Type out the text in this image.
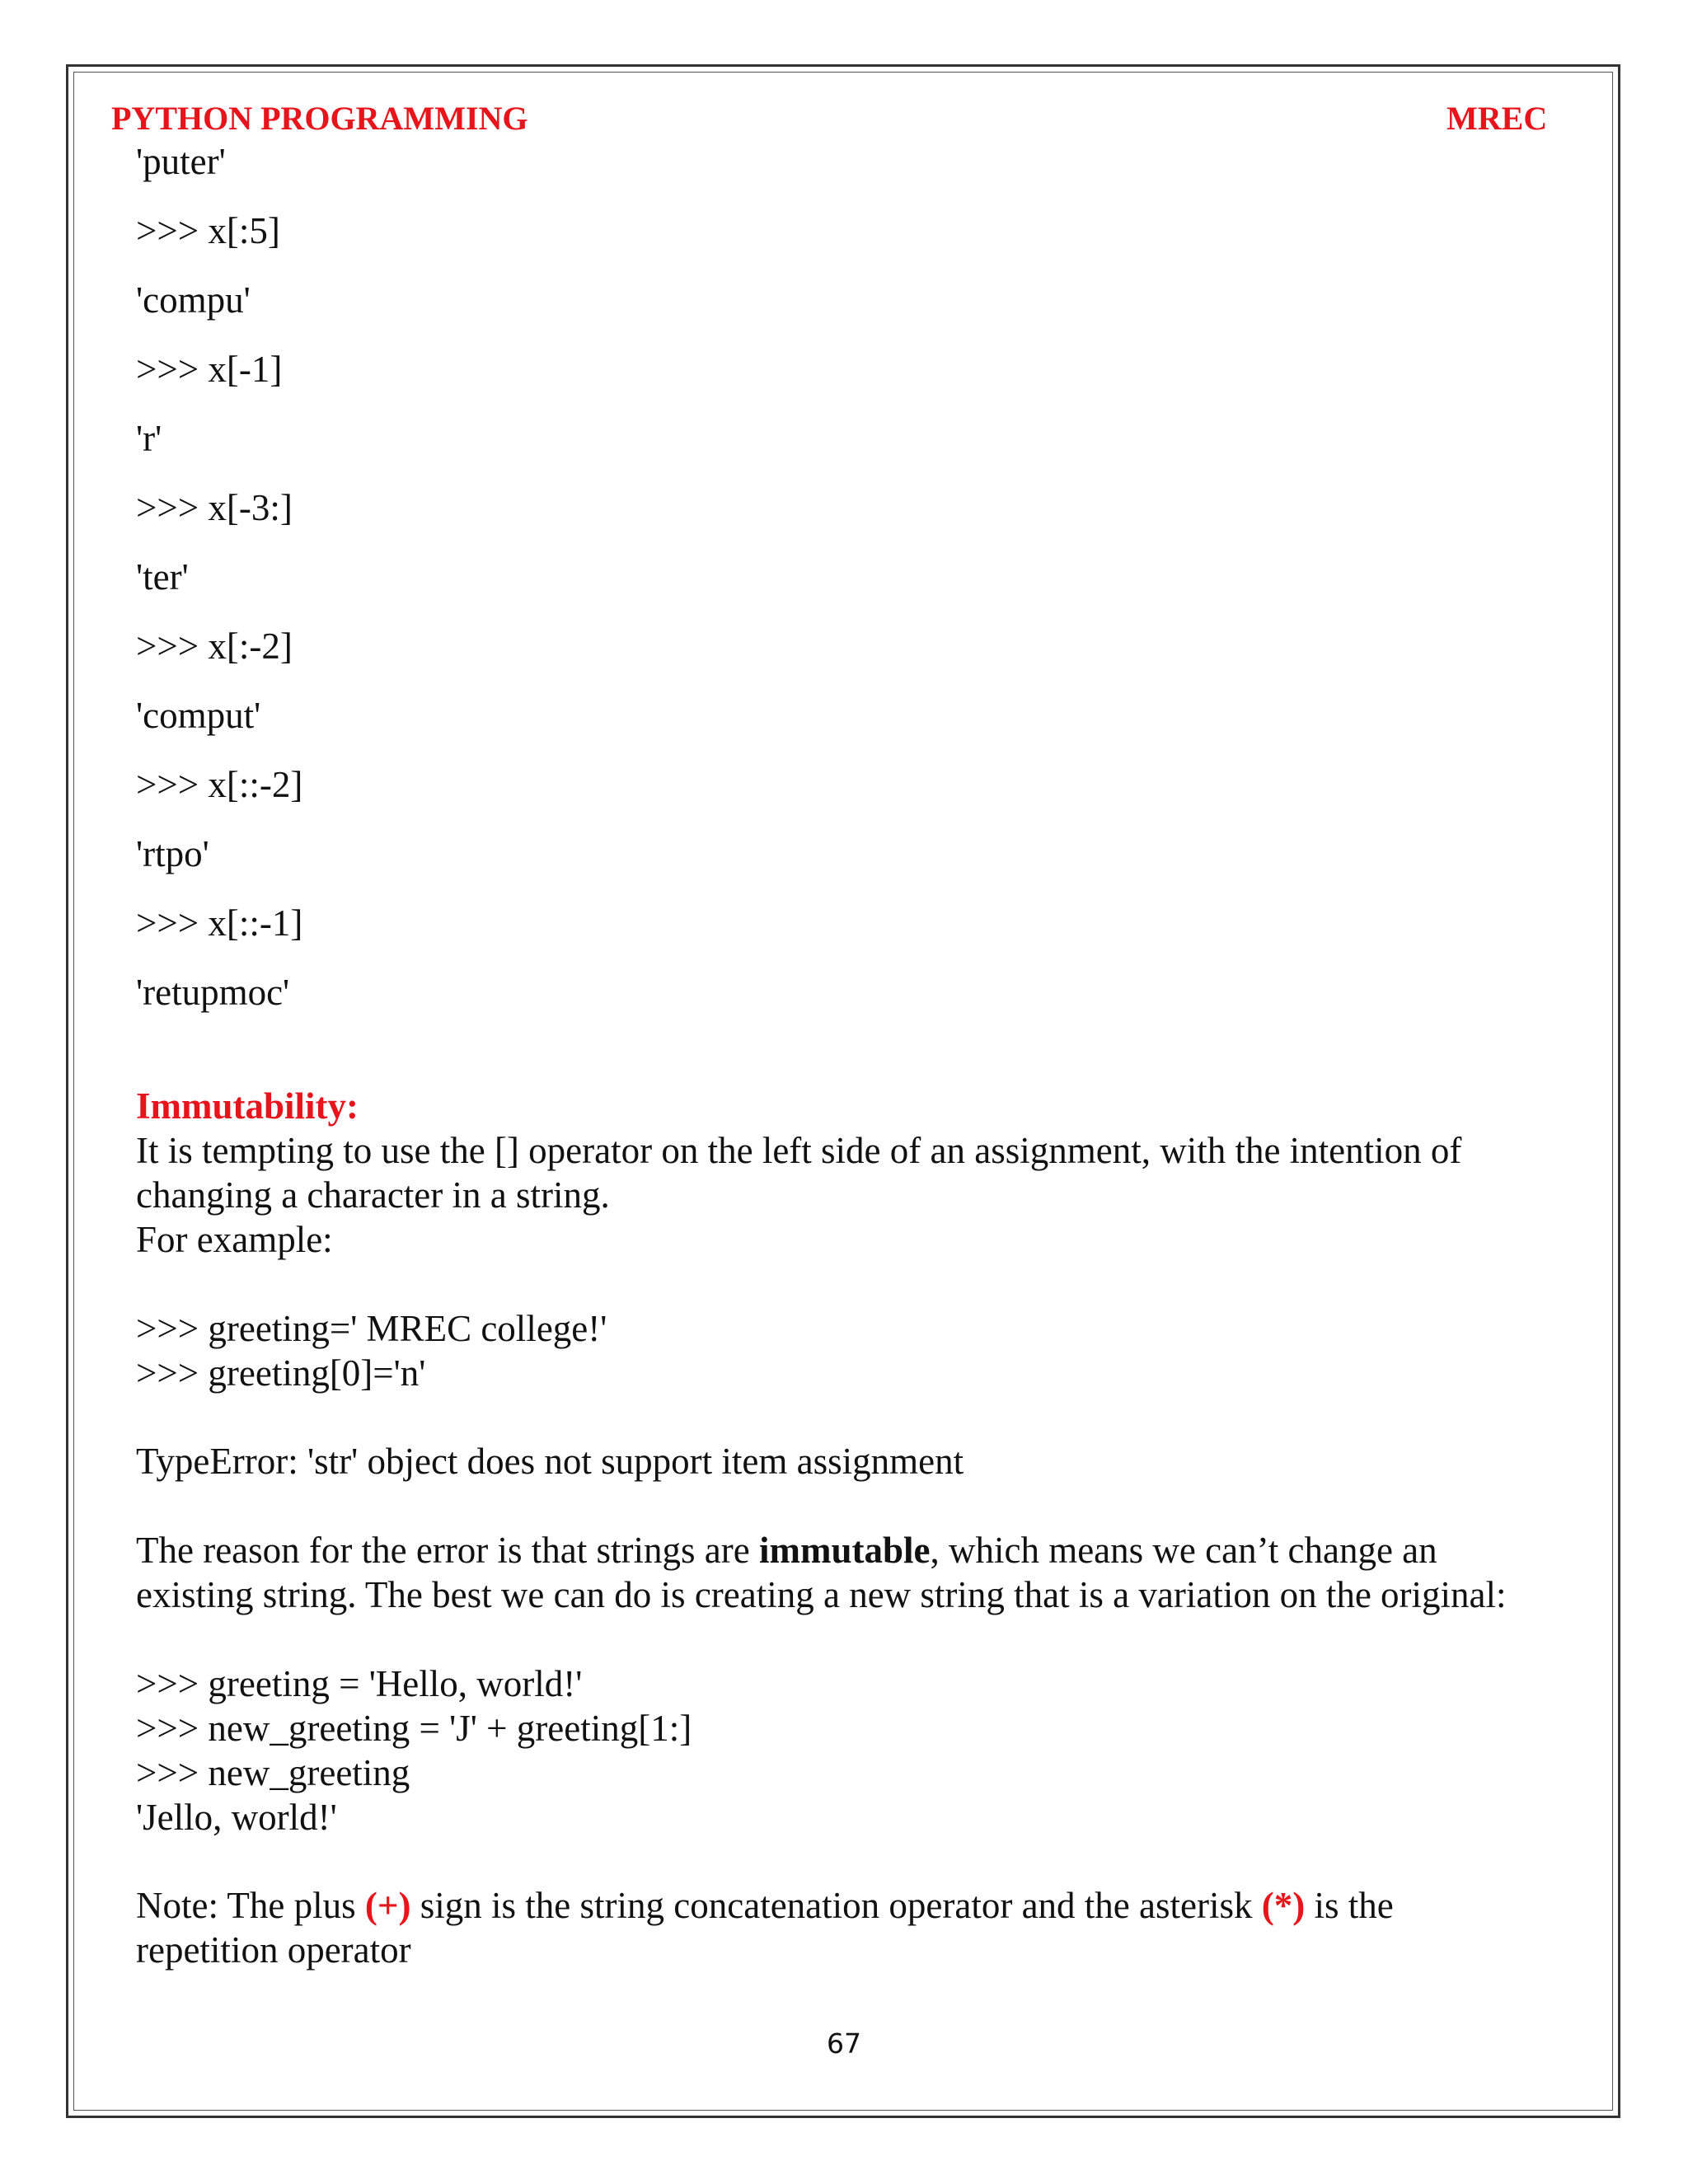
PYTHON PROGRAMMING	MREC
'puter'
>>> x[:5]
'compu'
>>> x[-1]
'r'
>>> x[-3:]
'ter'
>>> x[:-2]
'comput'
>>> x[::-2]
'rtpo'
>>> x[::-1]
'retupmoc'
Immutability:
It is tempting to use the [] operator on the left side of an assignment, with the intention of
changing a character in a string.
For example:
>>> greeting=' MREC college!'
>>> greeting[0]='n'
TypeError: 'str' object does not support item assignment
The reason for the error is that strings are immutable, which means we can’t change an
existing string. The best we can do is creating a new string that is a variation on the original:
>>> greeting = 'Hello, world!'
>>> new_greeting = 'J' + greeting[1:]
>>> new_greeting
'Jello, world!'
Note: The plus (+) sign is the string concatenation operator and the asterisk (*) is the
repetition operator
67
